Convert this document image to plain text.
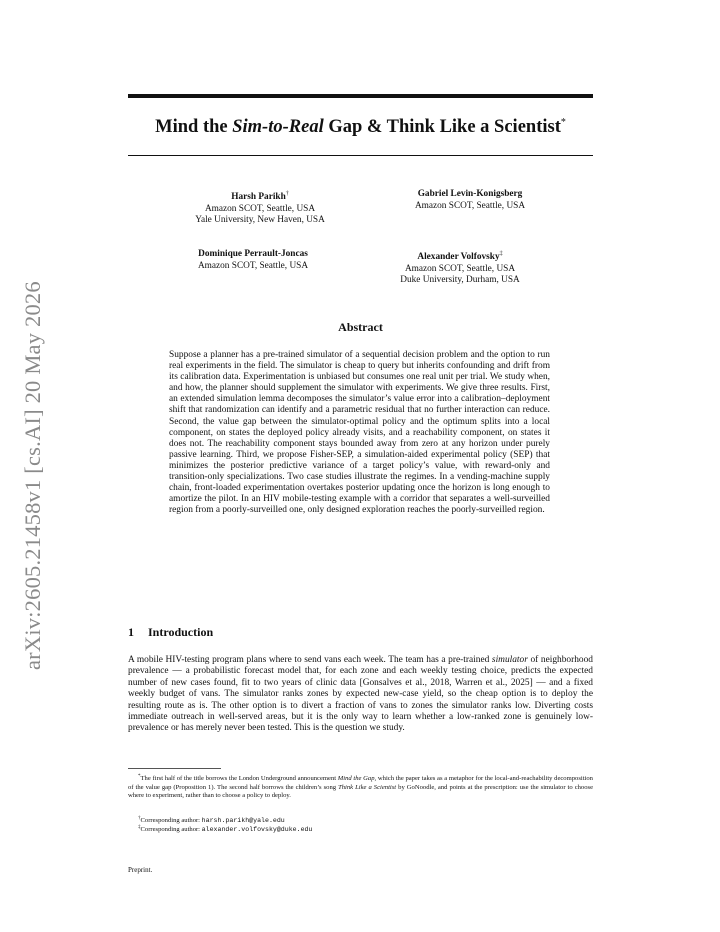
arXiv:2605.21458v1 [cs.AI] 20 May 2026
Mind the Sim-to-Real Gap & Think Like a Scientist*
Harsh Parikh†
Amazon SCOT, Seattle, USA
Yale University, New Haven, USA
Gabriel Levin-Konigsberg
Amazon SCOT, Seattle, USA
Dominique Perrault-Joncas
Amazon SCOT, Seattle, USA
Alexander Volfovsky‡
Amazon SCOT, Seattle, USA
Duke University, Durham, USA
Abstract
Suppose a planner has a pre-trained simulator of a sequential decision problem and the option to run real experiments in the field. The simulator is cheap to query but inherits confounding and drift from its calibration data. Experimentation is unbiased but consumes one real unit per trial. We study when, and how, the planner should supplement the simulator with experiments. We give three results. First, an extended simulation lemma decomposes the simulator’s value error into a calibration–deployment shift that randomization can identify and a parametric residual that no further interaction can reduce. Second, the value gap between the simulator-optimal policy and the optimum splits into a local component, on states the deployed policy already visits, and a reachability component, on states it does not. The reachability component stays bounded away from zero at any horizon under purely passive learning. Third, we propose Fisher-SEP, a simulation-aided experimental policy (SEP) that minimizes the posterior predictive variance of a target policy’s value, with reward-only and transition-only specializations. Two case studies illustrate the regimes. In a vending-machine supply chain, front-loaded experimentation overtakes posterior updating once the horizon is long enough to amortize the pilot. In an HIV mobile-testing example with a corridor that separates a well-surveilled region from a poorly-surveilled one, only designed exploration reaches the poorly-surveilled region.
1 Introduction
A mobile HIV-testing program plans where to send vans each week. The team has a pre-trained simulator of neighborhood prevalence — a probabilistic forecast model that, for each zone and each weekly testing choice, predicts the expected number of new cases found, fit to two years of clinic data [Gonsalves et al., 2018, Warren et al., 2025] — and a fixed weekly budget of vans. The simulator ranks zones by expected new-case yield, so the cheap option is to deploy the resulting route as is. The other option is to divert a fraction of vans to zones the simulator ranks low. Diverting costs immediate outreach in well-served areas, but it is the only way to learn whether a low-ranked zone is genuinely low-prevalence or has merely never been tested. This is the question we study.
*The first half of the title borrows the London Underground announcement Mind the Gap, which the paper takes as a metaphor for the local-and-reachability decomposition of the value gap (Proposition 1). The second half borrows the children’s song Think Like a Scientist by GoNoodle, and points at the prescription: use the simulator to choose where to experiment, rather than to choose a policy to deploy.
†Corresponding author: harsh.parikh@yale.edu
‡Corresponding author: alexander.volfovsky@duke.edu
Preprint.
